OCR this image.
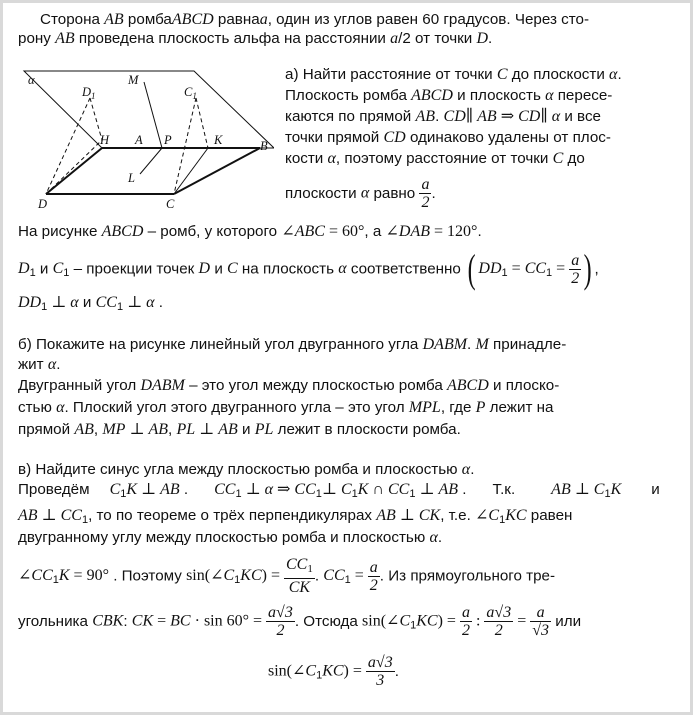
Сторона AB ромбаABCD равнаa, один из углов равен 60 градусов. Через сто-
рону AB проведена плоскость альфа на расстоянии a/2 от точки D.
α
$D_1$
M
$C_1$
H A P	K	B
L
D	C
а) Найти расстояние от точки C до плоскости α.
Плоскость ромба ABCD и плоскость α пересе-
каются по прямой AB. CD∥ AB ⇒ CD∥ α и все
точки прямой CD одинаково удалены от плос-
кости α, поэтому расстояние от точки C до
плоскости α равно $\frac{a}{2}$ .
На рисунке ABCD – ромб, у которого ∠ABC = 60°, а ∠DAB = 120°.
$D_1$ и $C_1$ – проекции точек D и C на плоскость α соответственно ( $DD_1 = CC_1 = \frac{a}{2}$ ) ,
$DD_1$ ⊥ α и $CC_1$ ⊥ α .
б) Покажите на рисунке линейный угол двугранного угла DABM. M принадле-
жит α.
Двугранный угол DABM – это угол между плоскостью ромба ABCD и плоско-
стью α. Плоский угол этого двугранного угла – это угол MPL, где P лежит на
прямой AB, MP ⊥ AB, PL ⊥ AB и PL лежит в плоскости ромба.
в) Найдите синус угла между плоскостью ромба и плоскостью α.
Проведём $C_1K$ ⊥ AB . $CC_1$ ⊥ α ⇒ $CC_1\perp$ $C_1K$ ∩ $CC_1$ ⊥ AB . Т.к. AB ⊥ $C_1K$ и
AB ⊥ $CC_1$, то по теореме о трёх перпендикулярах AB ⊥ CK, т.е. $\angle C_1KC$ равен
двугранному углу между плоскостью ромба и плоскостью α.
$\angle CC_1K = 90^\circ$ . Поэтому $\sin(\angle C_1KC) = \frac{CC_1}{CK}$ . $CC_1 = \frac{a}{2}$ . Из прямоугольного тре-
угольника CBK: CK = BC · $\sin 60^\circ = \frac{a√3}{2}$ . Отсюда $\sin(\angle C_1KC) = \frac{a}{2}$ : $\frac{a√3}{2} = \frac{a}{√3}$ или
$\sin(\angle C_1KC) = \frac{a√3}{3}$ .
